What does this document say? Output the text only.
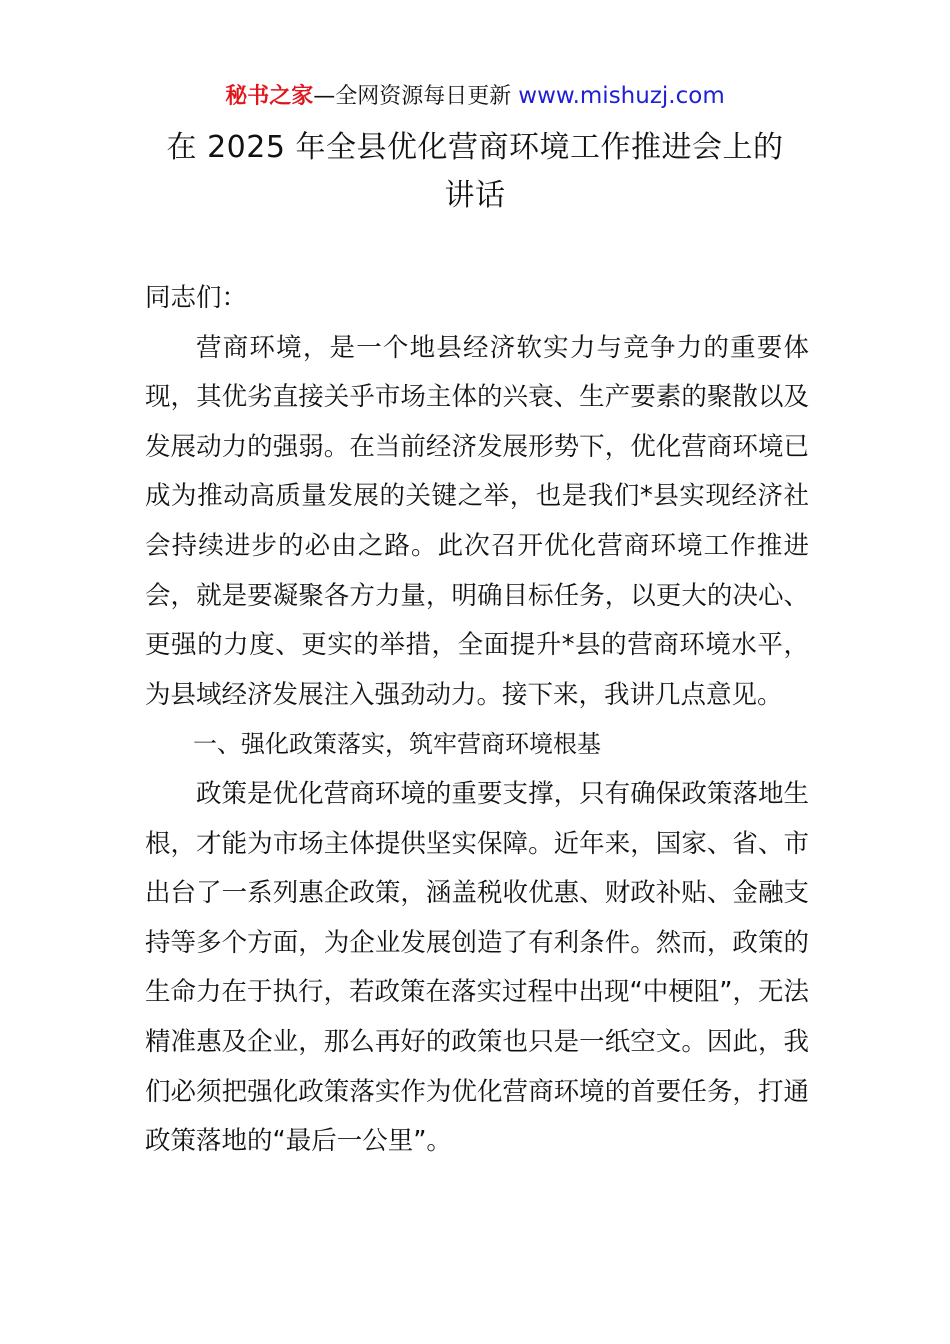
秘书之家—全网资源每日更新 www.mishuzj.com
在 2025 年全县优化营商环境工作推进会上的
讲话

同志们：

营商环境，是一个地县经济软实力与竞争力的重要体现，其优劣直接关乎市场主体的兴衰、生产要素的聚散以及发展动力的强弱。在当前经济发展形势下，优化营商环境已成为推动高质量发展的关键之举，也是我们*县实现经济社会持续进步的必由之路。此次召开优化营商环境工作推进会，就是要凝聚各方力量，明确目标任务，以更大的决心、更强的力度、更实的举措，全面提升*县的营商环境水平，为县域经济发展注入强劲动力。接下来，我讲几点意见。

一、强化政策落实，筑牢营商环境根基

政策是优化营商环境的重要支撑，只有确保政策落地生根，才能为市场主体提供坚实保障。近年来，国家、省、市出台了一系列惠企政策，涵盖税收优惠、财政补贴、金融支持等多个方面，为企业发展创造了有利条件。然而，政策的生命力在于执行，若政策在落实过程中出现“中梗阻”，无法精准惠及企业，那么再好的政策也只是一纸空文。因此，我们必须把强化政策落实作为优化营商环境的首要任务，打通政策落地的“最后一公里”。
